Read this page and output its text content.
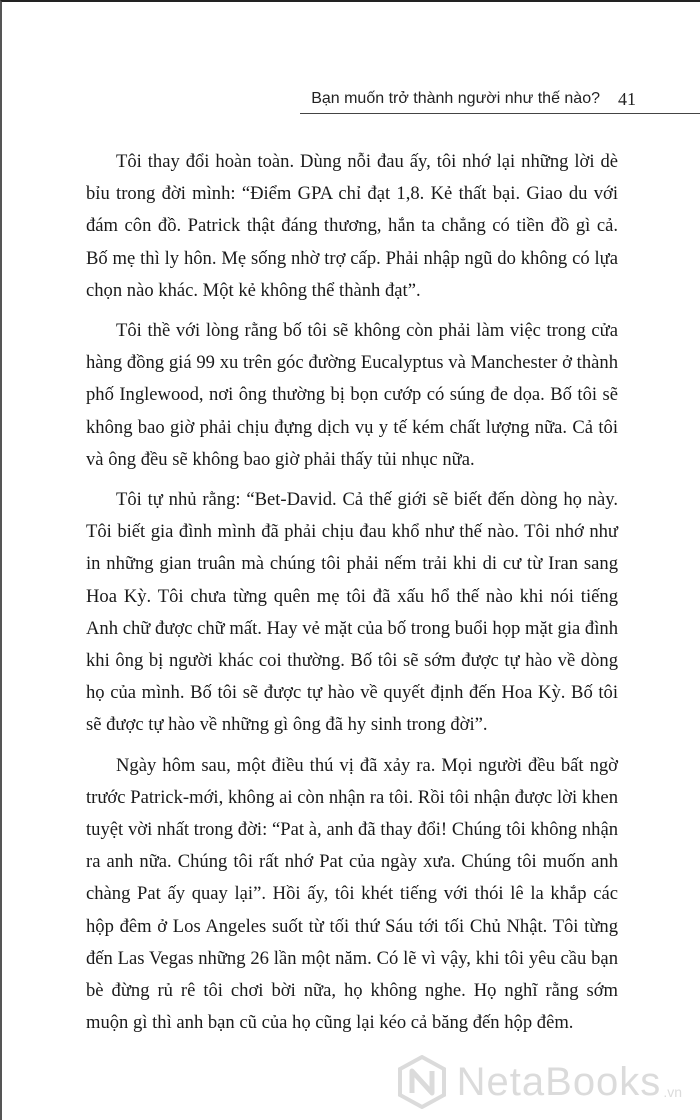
Bạn muốn trở thành người như thế nào? 41

Tôi thay đổi hoàn toàn. Dùng nỗi đau ấy, tôi nhớ lại những lời dè bỉu trong đời mình: “Điểm GPA chỉ đạt 1,8. Kẻ thất bại. Giao du với đám côn đồ. Patrick thật đáng thương, hắn ta chẳng có tiền đồ gì cả. Bố mẹ thì ly hôn. Mẹ sống nhờ trợ cấp. Phải nhập ngũ do không có lựa chọn nào khác. Một kẻ không thể thành đạt”.

Tôi thề với lòng rằng bố tôi sẽ không còn phải làm việc trong cửa hàng đồng giá 99 xu trên góc đường Eucalyptus và Manchester ở thành phố Inglewood, nơi ông thường bị bọn cướp có súng đe dọa. Bố tôi sẽ không bao giờ phải chịu đựng dịch vụ y tế kém chất lượng nữa. Cả tôi và ông đều sẽ không bao giờ phải thấy tủi nhục nữa.

Tôi tự nhủ rằng: “Bet-David. Cả thế giới sẽ biết đến dòng họ này. Tôi biết gia đình mình đã phải chịu đau khổ như thế nào. Tôi nhớ như in những gian truân mà chúng tôi phải nếm trải khi di cư từ Iran sang Hoa Kỳ. Tôi chưa từng quên mẹ tôi đã xấu hổ thế nào khi nói tiếng Anh chữ được chữ mất. Hay vẻ mặt của bố trong buổi họp mặt gia đình khi ông bị người khác coi thường. Bố tôi sẽ sớm được tự hào về dòng họ của mình. Bố tôi sẽ được tự hào về quyết định đến Hoa Kỳ. Bố tôi sẽ được tự hào về những gì ông đã hy sinh trong đời”.

Ngày hôm sau, một điều thú vị đã xảy ra. Mọi người đều bất ngờ trước Patrick-mới, không ai còn nhận ra tôi. Rồi tôi nhận được lời khen tuyệt vời nhất trong đời: “Pat à, anh đã thay đổi! Chúng tôi không nhận ra anh nữa. Chúng tôi rất nhớ Pat của ngày xưa. Chúng tôi muốn anh chàng Pat ấy quay lại”. Hồi ấy, tôi khét tiếng với thói lê la khắp các hộp đêm ở Los Angeles suốt từ tối thứ Sáu tới tối Chủ Nhật. Tôi từng đến Las Vegas những 26 lần một năm. Có lẽ vì vậy, khi tôi yêu cầu bạn bè đừng rủ rê tôi chơi bời nữa, họ không nghe. Họ nghĩ rằng sớm muộn gì thì anh bạn cũ của họ cũng lại kéo cả băng đến hộp đêm.

NetaBooks .vn
